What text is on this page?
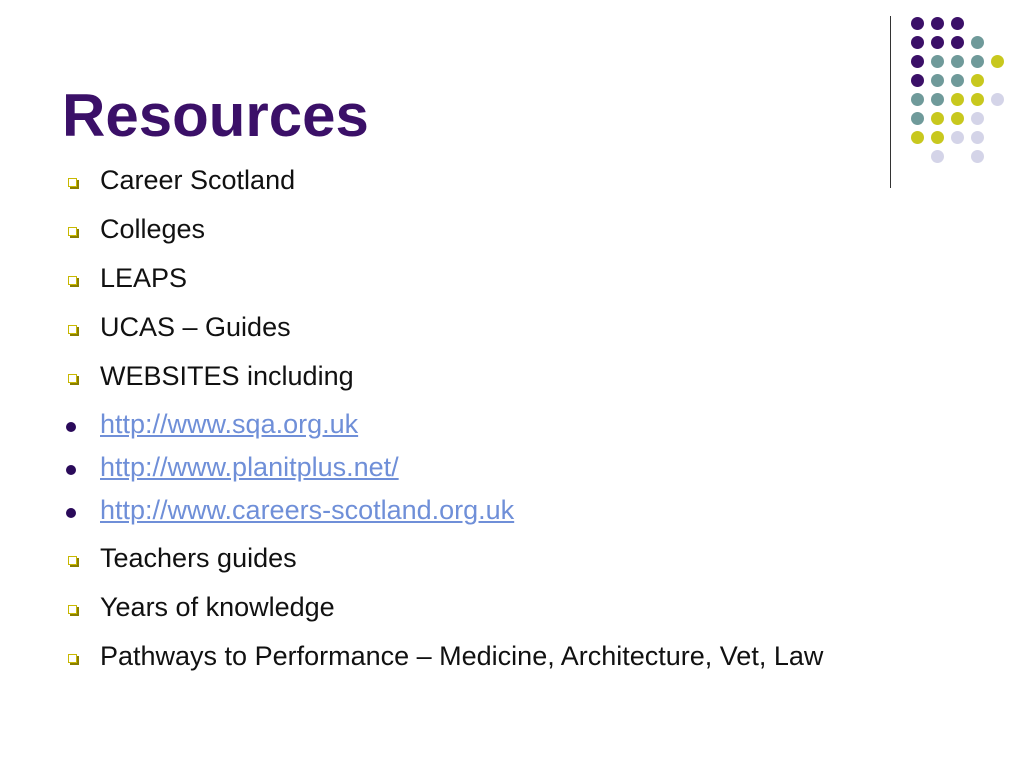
Resources
Career Scotland
Colleges
LEAPS
UCAS – Guides
WEBSITES including
http://www.sqa.org.uk
http://www.planitplus.net/
http://www.careers-scotland.org.uk
Teachers guides
Years of knowledge
Pathways to Performance – Medicine, Architecture, Vet, Law
